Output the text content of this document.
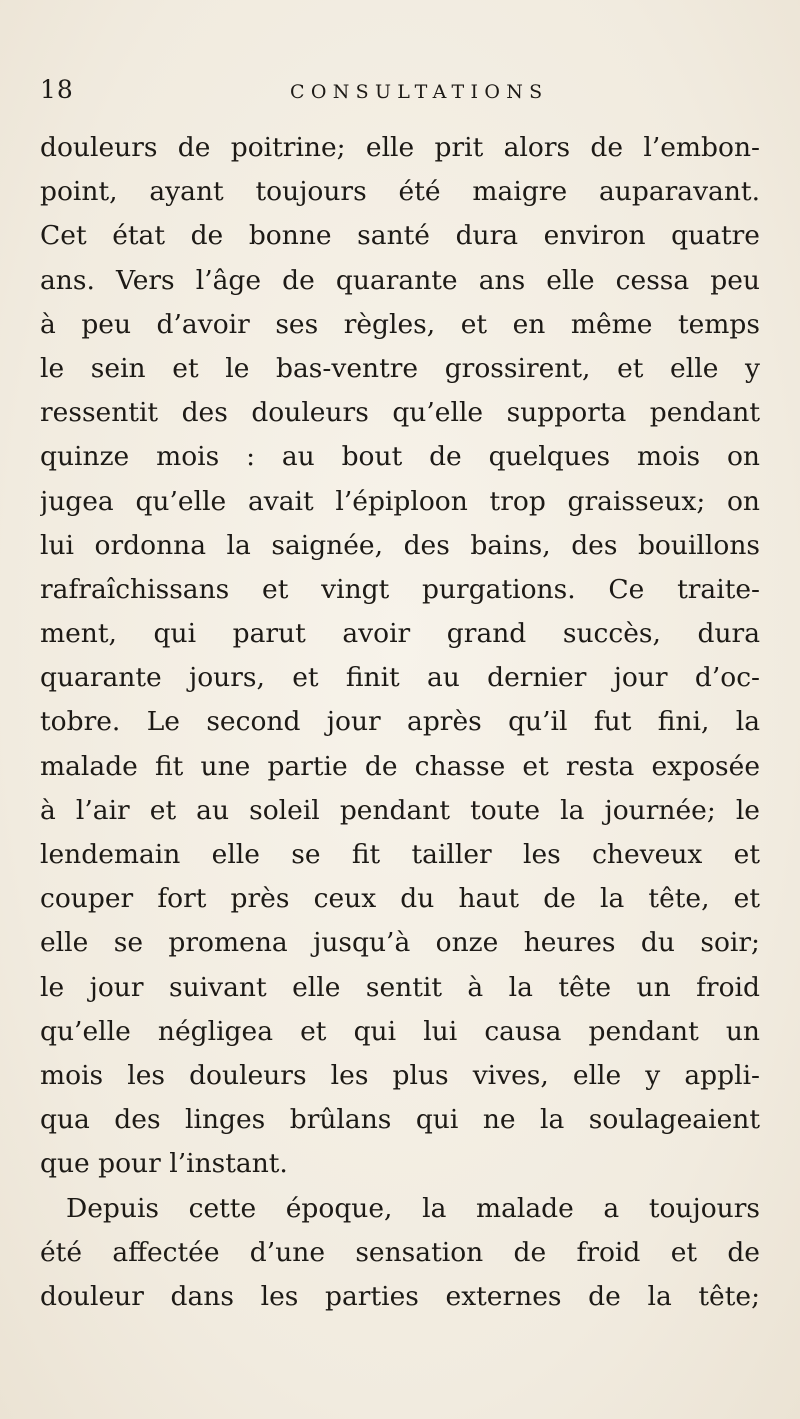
18	CONSULTATIONS
douleurs de poitrine; elle prit alors de l’embon-
point, ayant toujours été maigre auparavant.
Cet état de bonne santé dura environ quatre
ans. Vers l’âge de quarante ans elle cessa peu
à peu d’avoir ses règles, et en même temps
le sein et le bas-ventre grossirent, et elle y
ressentit des douleurs qu’elle supporta pendant
quinze mois : au bout de quelques mois on
jugea qu’elle avait l’épiploon trop graisseux; on
lui ordonna la saignée, des bains, des bouillons
rafraîchissans et vingt purgations. Ce traite-
ment, qui parut avoir grand succès, dura
quarante jours, et finit au dernier jour d’oc-
tobre. Le second jour après qu’il fut fini, la
malade fit une partie de chasse et resta exposée
à l’air et au soleil pendant toute la journée; le
lendemain elle se fit tailler les cheveux et
couper fort près ceux du haut de la tête, et
elle se promena jusqu’à onze heures du soir;
le jour suivant elle sentit à la tête un froid
qu’elle négligea et qui lui causa pendant un
mois les douleurs les plus vives, elle y appli-
qua des linges brûlans qui ne la soulageaient
que pour l’instant.
Depuis cette époque, la malade a toujours
été affectée d’une sensation de froid et de
douleur dans les parties externes de la tête;
